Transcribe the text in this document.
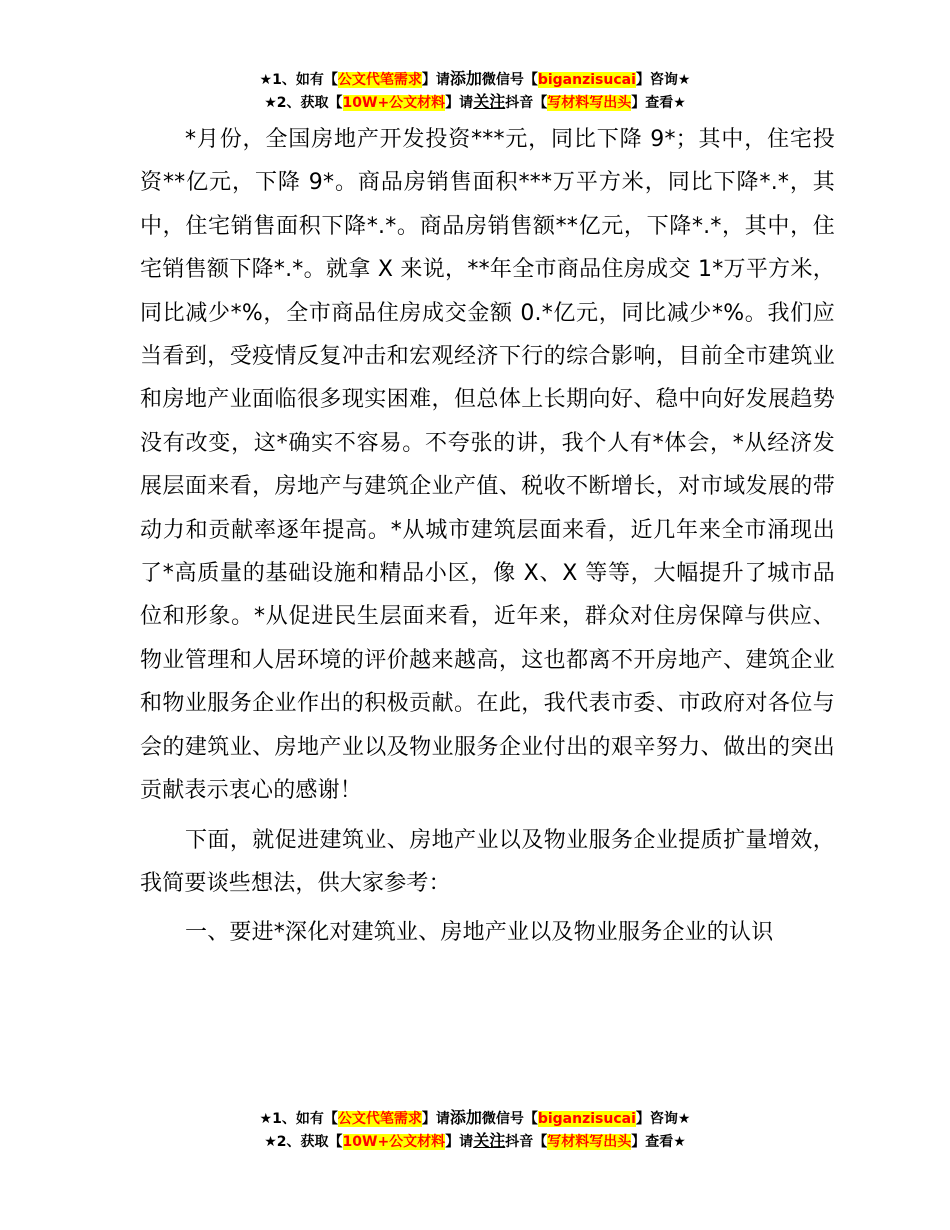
★1、如有【公文代笔需求】请添加微信号【biganzisucai】咨询★
★2、获取【10W+公文材料】请关注抖音【写材料写出头】查看★

*月份，全国房地产开发投资***元，同比下降 9*；其中，住宅投资**亿元，下降 9*。商品房销售面积***万平方米，同比下降*.*，其中，住宅销售面积下降*.*。商品房销售额**亿元，下降*.*，其中，住宅销售额下降*.*。就拿 X 来说，**年全市商品住房成交 1*万平方米，同比减少*%，全市商品住房成交金额 0.*亿元，同比减少*%。我们应当看到，受疫情反复冲击和宏观经济下行的综合影响，目前全市建筑业和房地产业面临很多现实困难，但总体上长期向好、稳中向好发展趋势没有改变，这*确实不容易。不夸张的讲，我个人有*体会，*从经济发展层面来看，房地产与建筑企业产值、税收不断增长，对市域发展的带动力和贡献率逐年提高。*从城市建筑层面来看，近几年来全市涌现出了*高质量的基础设施和精品小区，像 X、X 等等，大幅提升了城市品位和形象。*从促进民生层面来看，近年来，群众对住房保障与供应、物业管理和人居环境的评价越来越高，这也都离不开房地产、建筑企业和物业服务企业作出的积极贡献。在此，我代表市委、市政府对各位与会的建筑业、房地产业以及物业服务企业付出的艰辛努力、做出的突出贡献表示衷心的感谢！

下面，就促进建筑业、房地产业以及物业服务企业提质扩量增效，我简要谈些想法，供大家参考：

一、要进*深化对建筑业、房地产业以及物业服务企业的认识

★1、如有【公文代笔需求】请添加微信号【biganzisucai】咨询★
★2、获取【10W+公文材料】请关注抖音【写材料写出头】查看★
